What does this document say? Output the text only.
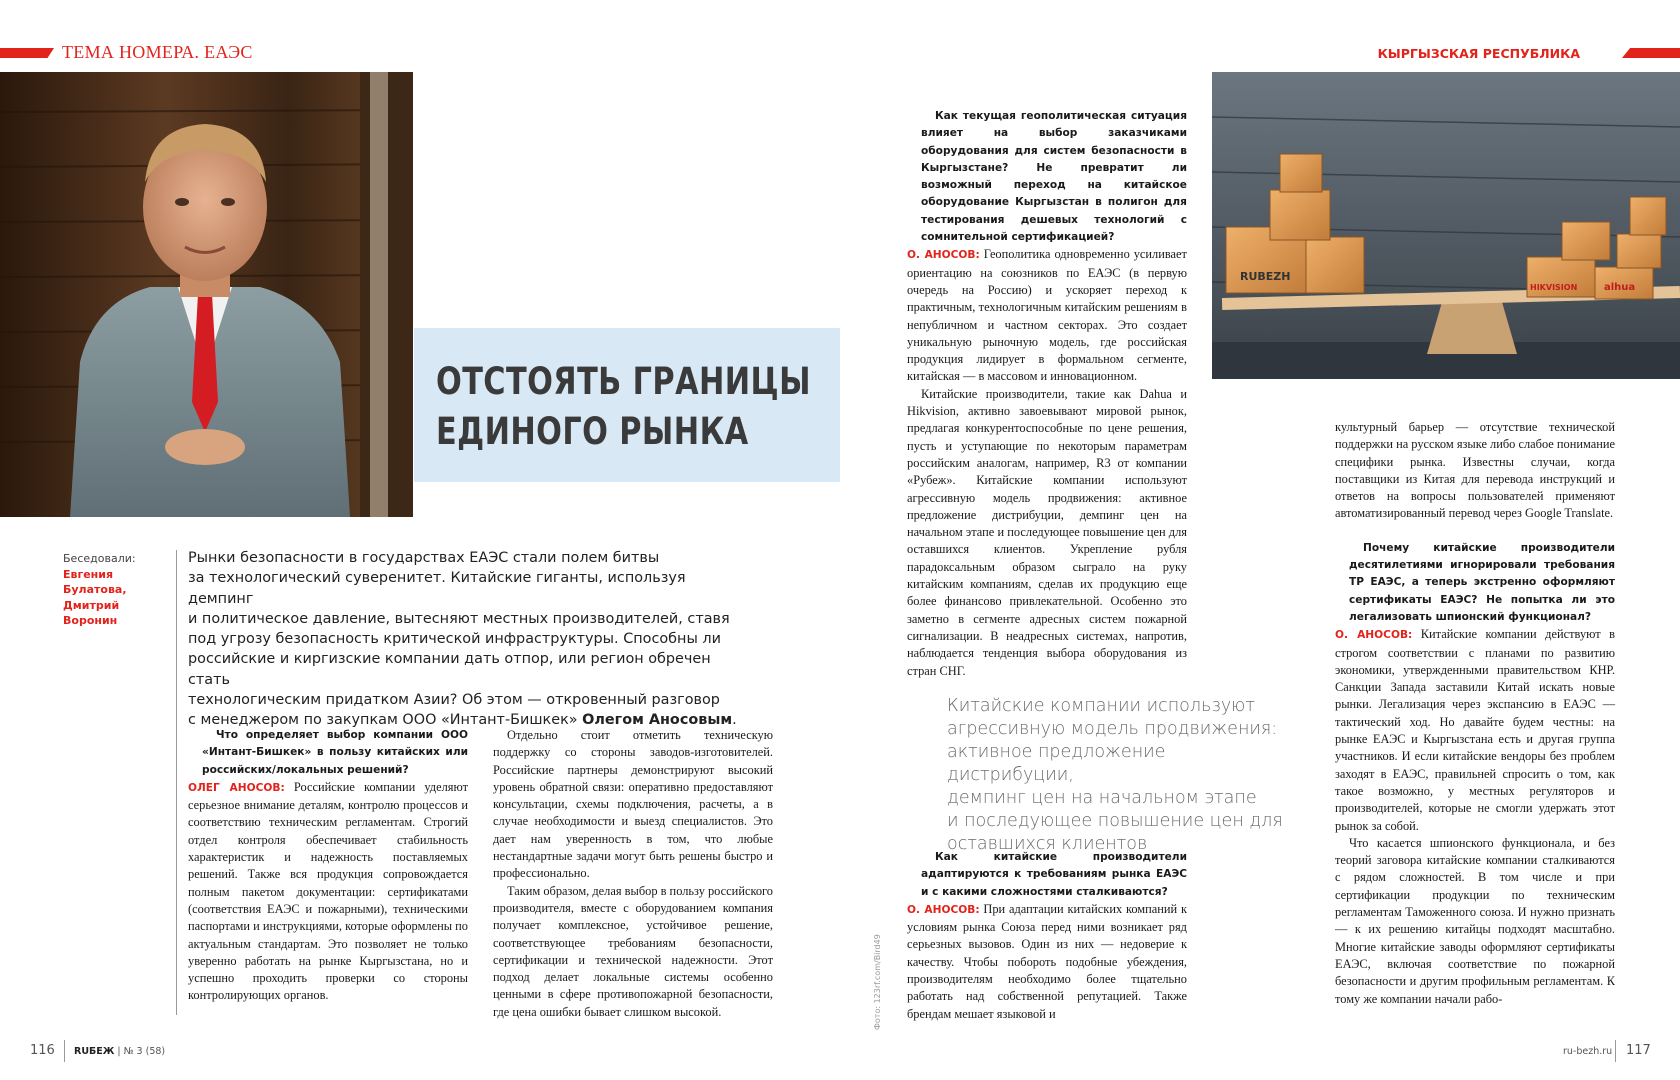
ТЕМА НОМЕРА. ЕАЭС	КЫРГЫЗСКАЯ РЕСПУБЛИКА
ОТСТОЯТЬ ГРАНИЦЫ
ЕДИНОГО РЫНКА
Беседовали:
Евгения
Булатова,
Дмитрий
Воронин
Рынки безопасности в государствах ЕАЭС стали полем битвы
за технологический суверенитет. Китайские гиганты, используя демпинг
и политическое давление, вытесняют местных производителей, ставя
под угрозу безопасность критической инфраструктуры. Способны ли
российские и киргизские компании дать отпор, или регион обречен стать
технологическим придатком Азии? Об этом — откровенный разговор
с менеджером по закупкам ООО «Интант-Бишкек» Олегом Аносовым.

Что определяет выбор компании ООО «Интант-Бишкек» в пользу китайских или российских/локальных решений?

ОЛЕГ АНОСОВ: Российские компании уделяют серьезное внимание деталям, контролю процессов и соответствию техническим регламентам. Строгий отдел контроля обеспечивает стабильность характеристик и надежность поставляемых решений. Также вся продукция сопровождается полным пакетом документации: сертификатами (соответствия ЕАЭС и пожарными), техническими паспортами и инструкциями, которые оформлены по актуальным стандартам. Это позволяет не только уверенно работать на рынке Кыргызстана, но и успешно проходить проверки со стороны контролирующих органов.

Отдельно стоит отметить техническую поддержку со стороны заводов-изготовителей. Российские партнеры демонстрируют высокий уровень обратной связи: оперативно предоставляют консультации, схемы подключения, расчеты, а в случае необходимости и выезд специалистов. Это дает нам уверенность в том, что любые нестандартные задачи могут быть решены быстро и профессионально.

Таким образом, делая выбор в пользу российского производителя, вместе с оборудованием компания получает комплексное, устойчивое решение, соответствующее требованиям безопасности, сертификации и технической надежности. Этот подход делает локальные системы особенно ценными в сфере противопожарной безопасности, где цена ошибки бывает слишком высокой.

Как текущая геополитическая ситуация влияет на выбор заказчиками оборудования для систем безопасности в Кыргызстане? Не превратит ли возможный переход на китайское оборудование Кыргызстан в полигон для тестирования дешевых технологий с сомнительной сертификацией?

О. АНОСОВ: Геополитика одновременно усиливает ориентацию на союзников по ЕАЭС (в первую очередь на Россию) и ускоряет переход к практичным, технологичным китайским решениям в непубличном и частном секторах. Это создает уникальную рыночную модель, где российская продукция лидирует в формальном сегменте, китайская — в массовом и инновационном.

Китайские производители, такие как Dahua и Hikvision, активно завоевывают мировой рынок, предлагая конкурентоспособные по цене решения, пусть и уступающие по некоторым параметрам российским аналогам, например, R3 от компании «Рубеж». Китайские компании используют агрессивную модель продвижения: активное предложение дистрибуции, демпинг цен на начальном этапе и последующее повышение цен для оставшихся клиентов. Укрепление рубля парадоксальным образом сыграло на руку китайским компаниям, сделав их продукцию еще более финансово привлекательной. Особенно это заметно в сегменте адресных систем пожарной сигнализации. В неадресных системах, напротив, наблюдается тенденция выбора оборудования из стран СНГ.

Китайские компании используют
агрессивную модель продвижения:
активное предложение дистрибуции,
демпинг цен на начальном этапе
и последующее повышение цен для
оставшихся клиентов

Как китайские производители адаптируются к требованиям рынка ЕАЭС и с какими сложностями сталкиваются?

О. АНОСОВ: При адаптации китайских компаний к условиям рынка Союза перед ними возникает ряд серьезных вызовов. Один из них — недоверие к качеству. Чтобы побороть подобные убеждения, производителям необходимо более тщательно работать над собственной репутацией. Также брендам мешает языковой и

Фото: 123rf.com/Bird49
RUBEZH
HIKVISION	alhua

культурный барьер — отсутствие технической поддержки на русском языке либо слабое понимание специфики рынка. Известны случаи, когда поставщики из Китая для перевода инструкций и ответов на вопросы пользователей применяют автоматизированный перевод через Google Translate.

Почему китайские производители десятилетиями игнорировали требования ТР ЕАЭС, а теперь экстренно оформляют сертификаты ЕАЭС? Не попытка ли это легализовать шпионский функционал?

О. АНОСОВ: Китайские компании действуют в строгом соответствии с планами по развитию экономики, утвержденными правительством КНР. Санкции Запада заставили Китай искать новые рынки. Легализация через экспансию в ЕАЭС — тактический ход. Но давайте будем честны: на рынке ЕАЭС и Кыргызстана есть и другая группа участников. И если китайские вендоры без проблем заходят в ЕАЭС, правильней спросить о том, как такое возможно, у местных регуляторов и производителей, которые не смогли удержать этот рынок за собой.

Что касается шпионского функционала, и без теорий заговора китайские компании сталкиваются с рядом сложностей. В том числе и при сертификации продукции по техническим регламентам Таможенного союза. И нужно признать — к их решению китайцы подходят масштабно. Многие китайские заводы оформляют сертификаты ЕАЭС, включая соответствие по пожарной безопасности и другим профильным регламентам. К тому же компании начали рабо-

116 RUБЕЖ | № 3 (58)	ru-bezh.ru 117
